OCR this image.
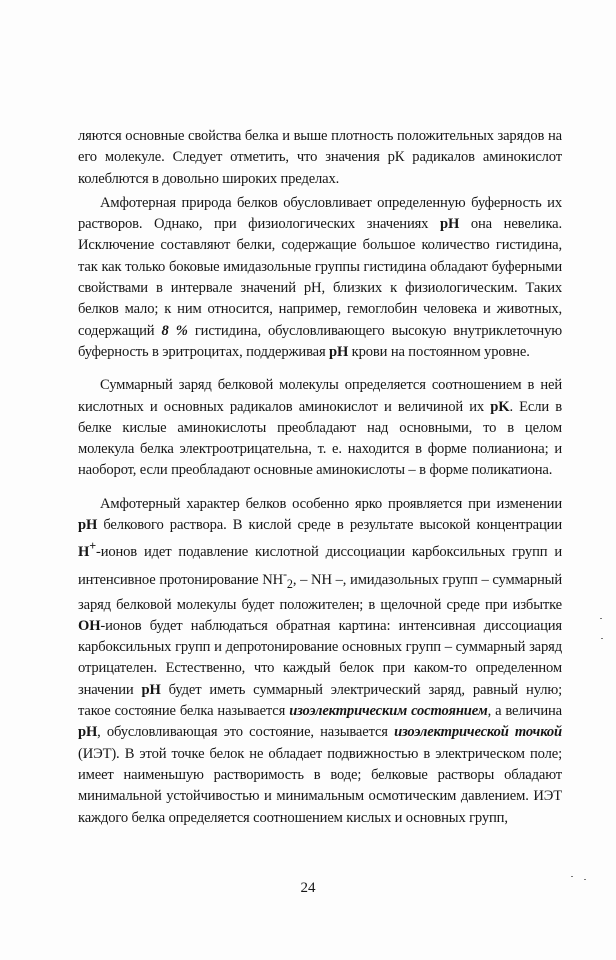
ляются основные свойства белка и выше плотность положительных зарядов на его молекуле. Следует отметить, что значения рК радикалов аминокислот колеблются в довольно широких пределах.

Амфотерная природа белков обусловливает определенную буферность их растворов. Однако, при физиологических значениях pH она невелика. Исключение составляют белки, содержащие большое количество гистидина, так как только боковые имидазольные группы гистидина обладают буферными свойствами в интервале значений pH, близких к физиологическим. Таких белков мало; к ним относится, например, гемоглобин человека и животных, содержащий 8 % гистидина, обусловливающего высокую внутриклеточную буферность в эритроцитах, поддерживая pH крови на постоянном уровне.

Суммарный заряд белковой молекулы определяется соотношением в ней кислотных и основных радикалов аминокислот и величиной их pK. Если в белке кислые аминокислоты преобладают над основными, то в целом молекула белка электроотрицательна, т. е. находится в форме полианиона; и наоборот, если преобладают основные аминокислоты – в форме поликатиона.

Амфотерный характер белков особенно ярко проявляется при изменении pH белкового раствора. В кислой среде в результате высокой концентрации H+-ионов идет подавление кислотной диссоциации карбоксильных групп и интенсивное протонирование $NH^-_2$, – NH –, имидазольных групп – суммарный заряд белковой молекулы будет положителен; в щелочной среде при избытке OH-ионов будет наблюдаться обратная картина: интенсивная диссоциация карбоксильных групп и депротонирование основных групп – суммарный заряд отрицателен. Естественно, что каждый белок при каком-то определенном значении pH будет иметь суммарный электрический заряд, равный нулю; такое состояние белка называется изоэлектрическим состоянием, а величина pH, обусловливающая это состояние, называется изоэлектрической точкой (ИЭТ). В этой точке белок не обладает подвижностью в электрическом поле; имеет наименьшую растворимость в воде; белковые растворы обладают минимальной устойчивостью и минимальным осмотическим давлением. ИЭТ каждого белка определяется соотношением кислых и основных групп,

24
